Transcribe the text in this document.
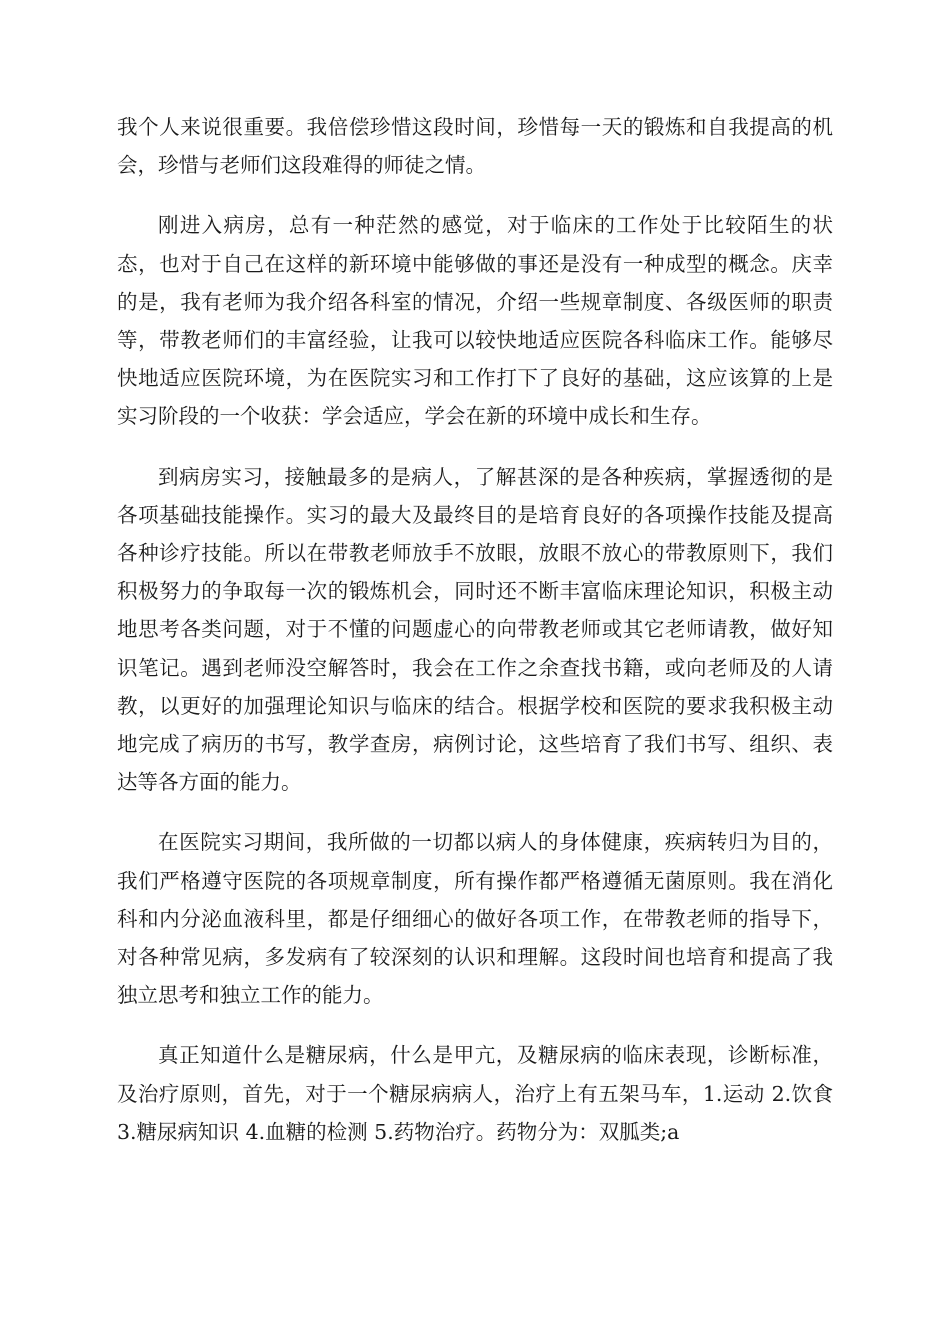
我个人来说很重要。我倍偿珍惜这段时间，珍惜每一天的锻炼和自我提高的机会，珍惜与老师们这段难得的师徒之情。

刚进入病房，总有一种茫然的感觉，对于临床的工作处于比较陌生的状态，也对于自己在这样的新环境中能够做的事还是没有一种成型的概念。庆幸的是，我有老师为我介绍各科室的情况，介绍一些规章制度、各级医师的职责等，带教老师们的丰富经验，让我可以较快地适应医院各科临床工作。能够尽快地适应医院环境，为在医院实习和工作打下了良好的基础，这应该算的上是实习阶段的一个收获：学会适应，学会在新的环境中成长和生存。

到病房实习，接触最多的是病人，了解甚深的是各种疾病，掌握透彻的是各项基础技能操作。实习的最大及最终目的是培育良好的各项操作技能及提高各种诊疗技能。所以在带教老师放手不放眼，放眼不放心的带教原则下，我们积极努力的争取每一次的锻炼机会，同时还不断丰富临床理论知识，积极主动地思考各类问题，对于不懂的问题虚心的向带教老师或其它老师请教，做好知识笔记。遇到老师没空解答时，我会在工作之余查找书籍，或向老师及的人请教，以更好的加强理论知识与临床的结合。根据学校和医院的要求我积极主动地完成了病历的书写，教学查房，病例讨论，这些培育了我们书写、组织、表达等各方面的能力。

在医院实习期间，我所做的一切都以病人的身体健康，疾病转归为目的，我们严格遵守医院的各项规章制度，所有操作都严格遵循无菌原则。我在消化科和内分泌血液科里，都是仔细细心的做好各项工作，在带教老师的指导下，对各种常见病，多发病有了较深刻的认识和理解。这段时间也培育和提高了我独立思考和独立工作的能力。

真正知道什么是糖尿病，什么是甲亢，及糖尿病的临床表现，诊断标准，及治疗原则，首先，对于一个糖尿病病人，治疗上有五架马车，1.运动 2.饮食 3.糖尿病知识 4.血糖的检测 5.药物治疗。药物分为：双胍类;a
